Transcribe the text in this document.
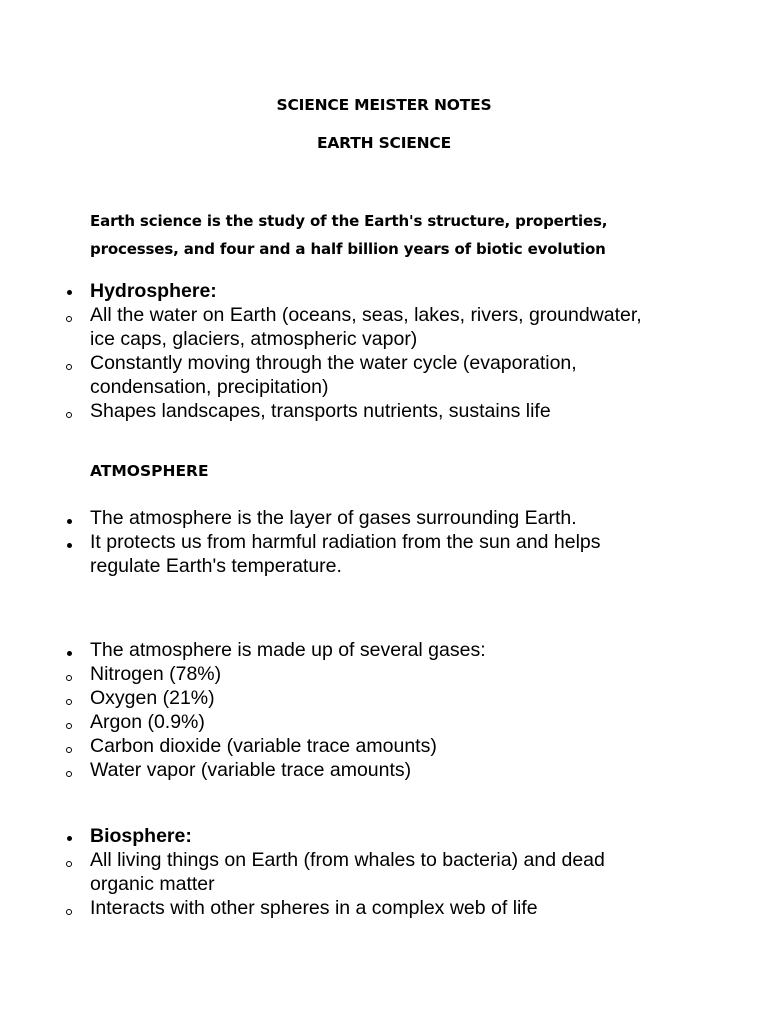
SCIENCE MEISTER NOTES
EARTH SCIENCE
Earth science is the study of the Earth's structure, properties,
processes, and four and a half billion years of biotic evolution
Hydrosphere:
All the water on Earth (oceans, seas, lakes, rivers, groundwater,
ice caps, glaciers, atmospheric vapor)
Constantly moving through the water cycle (evaporation,
condensation, precipitation)
Shapes landscapes, transports nutrients, sustains life
ATMOSPHERE
The atmosphere is the layer of gases surrounding Earth.
It protects us from harmful radiation from the sun and helps
regulate Earth's temperature.
The atmosphere is made up of several gases:
Nitrogen (78%)
Oxygen (21%)
Argon (0.9%)
Carbon dioxide (variable trace amounts)
Water vapor (variable trace amounts)
Biosphere:
All living things on Earth (from whales to bacteria) and dead
organic matter
Interacts with other spheres in a complex web of life
